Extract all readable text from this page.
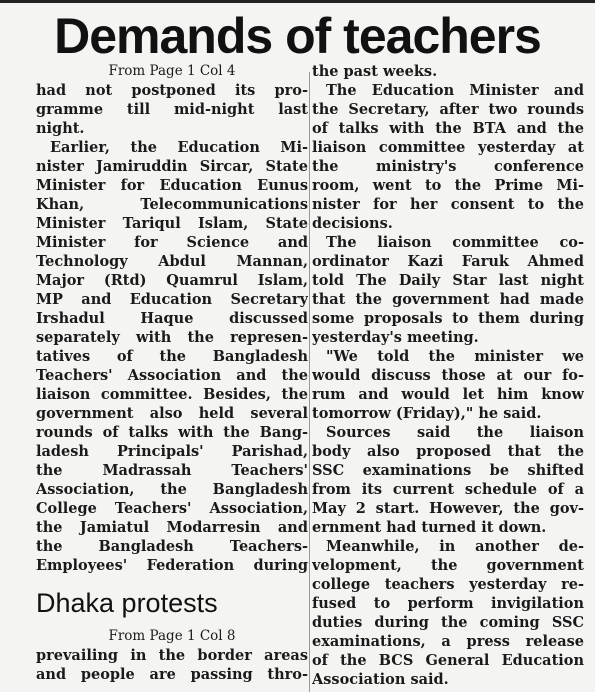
Demands of teachers
From Page 1 Col 4
had not postponed its pro-
gramme till mid-night last
night.
Earlier, the Education Mi-
nister Jamiruddin Sircar, State
Minister for Education Eunus
Khan, Telecommunications
Minister Tariqul Islam, State
Minister for Science and
Technology Abdul Mannan,
Major (Rtd) Quamrul Islam,
MP and Education Secretary
Irshadul Haque discussed
separately with the represen-
tatives of the Bangladesh
Teachers' Association and the
liaison committee. Besides, the
government also held several
rounds of talks with the Bang-
ladesh Principals' Parishad,
the Madrassah Teachers'
Association, the Bangladesh
College Teachers' Association,
the Jamiatul Modarresin and
the Bangladesh Teachers-
Employees' Federation during
Dhaka protests
From Page 1 Col 8
prevailing in the border areas
and people are passing thro-
the past weeks.
The Education Minister and
the Secretary, after two rounds
of talks with the BTA and the
liaison committee yesterday at
the ministry's conference
room, went to the Prime Mi-
nister for her consent to the
decisions.
The liaison committee co-
ordinator Kazi Faruk Ahmed
told The Daily Star last night
that the government had made
some proposals to them during
yesterday's meeting.
"We told the minister we
would discuss those at our fo-
rum and would let him know
tomorrow (Friday)," he said.
Sources said the liaison
body also proposed that the
SSC examinations be shifted
from its current schedule of a
May 2 start. However, the gov-
ernment had turned it down.
Meanwhile, in another de-
velopment, the government
college teachers yesterday re-
fused to perform invigilation
duties during the coming SSC
examinations, a press release
of the BCS General Education
Association said.
